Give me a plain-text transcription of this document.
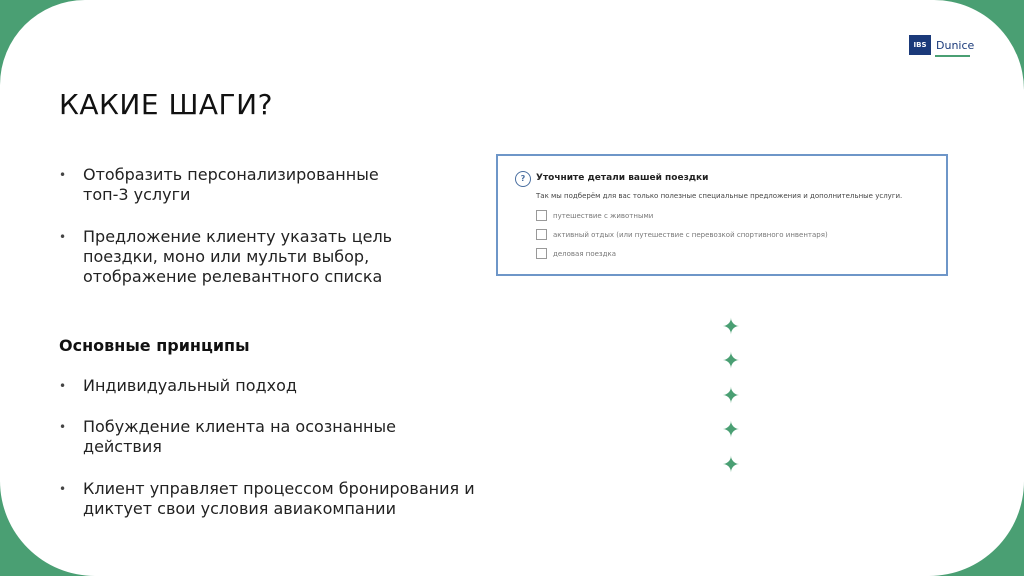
IBS Dunice
КАКИЕ ШАГИ?
• Отобразить персонализированные топ-3 услуги
• Предложение клиенту указать цель поездки, моно или мульти выбор, отображение релевантного списка
Основные принципы
• Индивидуальный подход
• Побуждение клиента на осознанные действия
• Клиент управляет процессом бронирования и диктует свои условия авиакомпании
?	Уточните детали вашей поездки
Так мы подберём для вас только полезные специальные предложения и дополнительные услуги.
путешествие с животными
активный отдых (или путешествие с перевозкой спортивного инвентаря)
деловая поездка
✦
✦
✦
✦
✦
